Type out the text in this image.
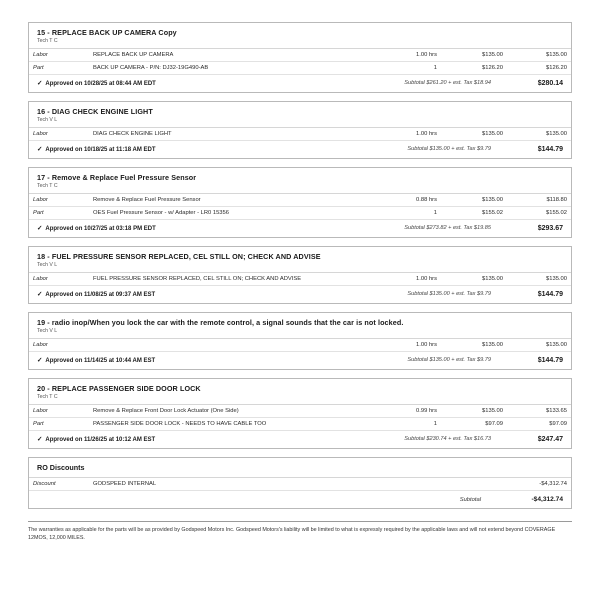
15 - REPLACE BACK UP CAMERA Copy
Tech T C
Labor	REPLACE BACK UP CAMERA	1.00 hrs	$135.00	$135.00
Part	BACK UP CAMERA - P/N: DJ32-19G490-AB	1	$126.20	$126.20
✓ Approved on 10/28/25 at 08:44 AM EDT	Subtotal $261.20 + est. Tax $18.94	$280.14
16 - DIAG CHECK ENGINE LIGHT
Tech V L
Labor	DIAG CHECK ENGINE LIGHT	1.00 hrs	$135.00	$135.00
✓ Approved on 10/18/25 at 11:18 AM EDT	Subtotal $135.00 + est. Tax $9.79	$144.79
17 - Remove & Replace Fuel Pressure Sensor
Tech T C
Labor	Remove & Replace Fuel Pressure Sensor	0.88 hrs	$135.00	$118.80
Part	OES Fuel Pressure Sensor - w/ Adapter - LR0 15356	1	$155.02	$155.02
✓ Approved on 10/27/25 at 03:18 PM EDT	Subtotal $273.82 + est. Tax $19.85	$293.67
18 - FUEL PRESSURE SENSOR REPLACED, CEL STILL ON; CHECK AND ADVISE
Tech V L
Labor	FUEL PRESSURE SENSOR REPLACED, CEL STILL ON; CHECK AND ADVISE	1.00 hrs	$135.00	$135.00
✓ Approved on 11/08/25 at 09:37 AM EST	Subtotal $135.00 + est. Tax $9.79	$144.79
19 - radio inop/When you lock the car with the remote control, a signal sounds that the car is not locked.
Tech V L
Labor		1.00 hrs	$135.00	$135.00
✓ Approved on 11/14/25 at 10:44 AM EST	Subtotal $135.00 + est. Tax $9.79	$144.79
20 - REPLACE PASSENGER SIDE DOOR LOCK
Tech T C
Labor	Remove & Replace Front Door Lock Actuator (One Side)	0.99 hrs	$135.00	$133.65
Part	PASSENGER SIDE DOOR LOCK - NEEDS TO HAVE CABLE TOO	1	$97.09	$97.09
✓ Approved on 11/26/25 at 10:12 AM EST	Subtotal $230.74 + est. Tax $16.73	$247.47
RO Discounts
Discount	GODSPEED INTERNAL			-$4,312.74
Subtotal	-$4,312.74
The warranties as applicable for the parts will be as provided by Godspeed Motors Inc. Godspeed Motors's liability will be limited to what is expressly required by the applicable laws and will not extend beyond COVERAGE 12MOS, 12,000 MILES.
